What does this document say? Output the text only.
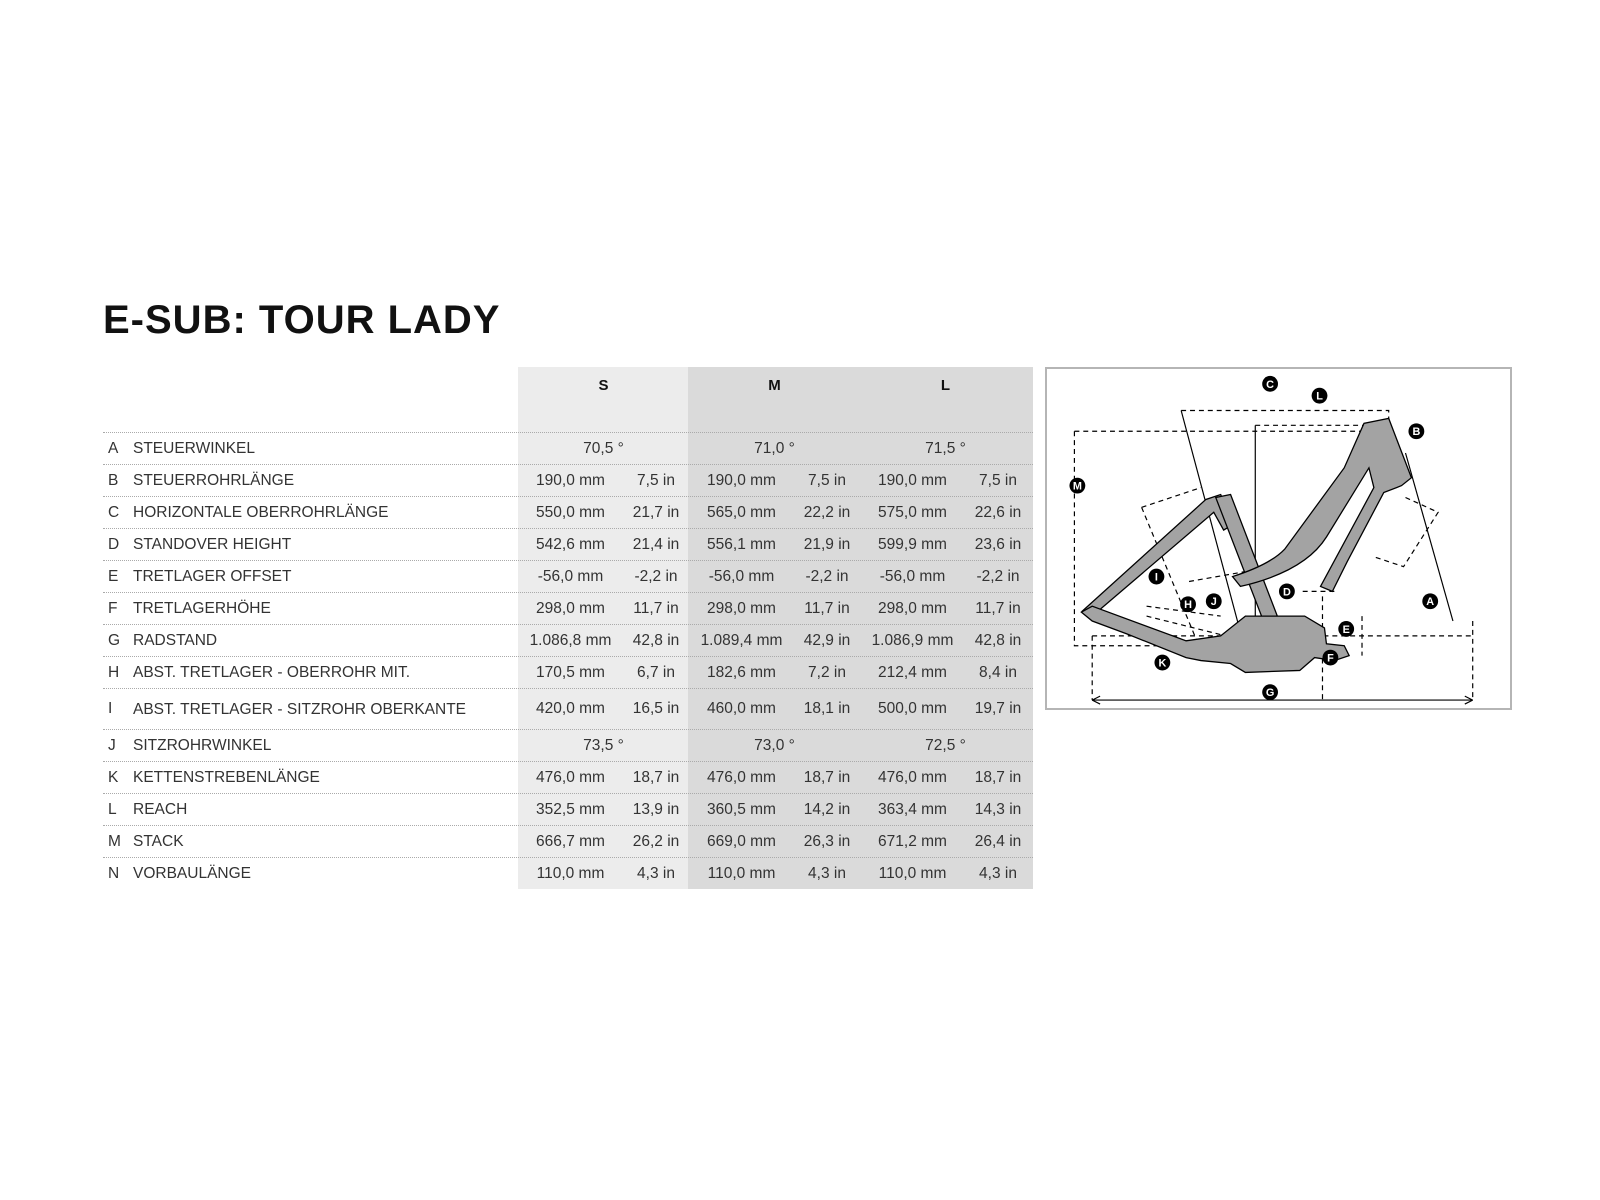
E-SUB: TOUR LADY
S	M	L
A STEUERWINKEL	70,5 °	71,0 °	71,5 °
B STEUERROHRLÄNGE	190,0 mm	7,5 in	190,0 mm	7,5 in	190,0 mm	7,5 in
C HORIZONTALE OBERROHRLÄNGE	550,0 mm	21,7 in	565,0 mm	22,2 in	575,0 mm	22,6 in
D STANDOVER HEIGHT	542,6 mm	21,4 in	556,1 mm	21,9 in	599,9 mm	23,6 in
E TRETLAGER OFFSET	-56,0 mm	-2,2 in	-56,0 mm	-2,2 in	-56,0 mm	-2,2 in
F	TRETLAGERHÖHE	298,0 mm	11,7 in	298,0 mm	11,7 in	298,0 mm	11,7 in
G RADSTAND	1.086,8 mm	42,8 in	1.089,4 mm	42,9 in	1.086,9 mm	42,8 in
H ABST. TRETLAGER - OBERROHR MIT.	170,5 mm	6,7 in	182,6 mm	7,2 in	212,4 mm	8,4 in
I	ABST. TRETLAGER - SITZROHR OBERKANTE	420,0 mm	16,5 in	460,0 mm	18,1 in	500,0 mm	19,7 in
J	SITZROHRWINKEL	73,5 °	73,0 °	72,5 °
K KETTENSTREBENLÄNGE	476,0 mm	18,7 in	476,0 mm	18,7 in	476,0 mm	18,7 in
L	REACH	352,5 mm	13,9 in	360,5 mm	14,2 in	363,4 mm	14,3 in
M STACK	666,7 mm	26,2 in	669,0 mm	26,3 in	671,2 mm	26,4 in
N VORBAULÄNGE	110,0 mm	4,3 in	110,0 mm	4,3 in	110,0 mm	4,3 in
C
L
B
M
I
H J
D
A
E
F
K
G
